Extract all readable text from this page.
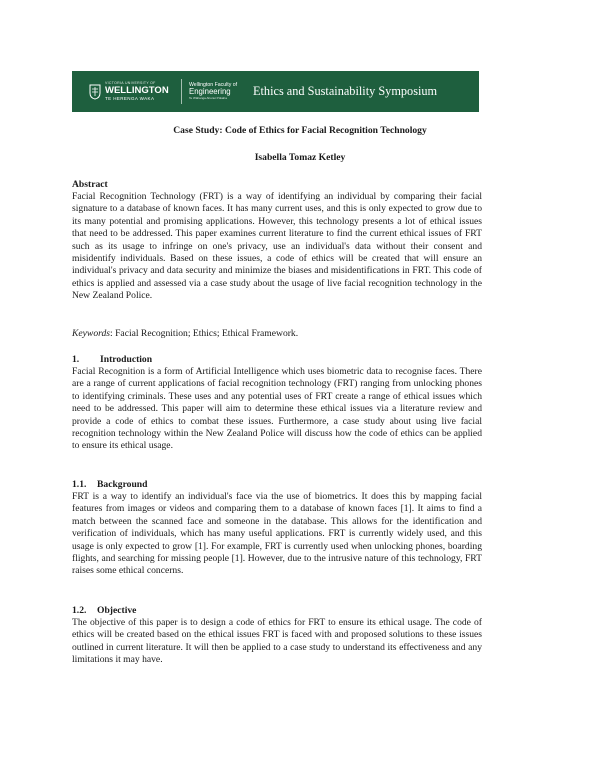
VICTORIA UNIVERSITY OF
WELLINGTON
TE HERENGA WAKA
Wellington Faculty of
Engineering
Te Wāhanga Ahunui Pūkaha	Ethics and Sustainability Symposium
Case Study: Code of Ethics for Facial Recognition Technology
Isabella Tomaz Ketley
Abstract
Facial Recognition Technology (FRT) is a way of identifying an individual by comparing their facial signature to a database of known faces. It has many current uses, and this is only expected to grow due to its many potential and promising applications. However, this technology presents a lot of ethical issues that need to be addressed. This paper examines current literature to find the current ethical issues of FRT such as its usage to infringe on one's privacy, use an individual's data without their consent and misidentify individuals. Based on these issues, a code of ethics will be created that will ensure an individual's privacy and data security and minimize the biases and misidentifications in FRT. This code of ethics is applied and assessed via a case study about the usage of live facial recognition technology in the New Zealand Police.
Keywords: Facial Recognition; Ethics; Ethical Framework.
1. Introduction
Facial Recognition is a form of Artificial Intelligence which uses biometric data to recognise faces. There are a range of current applications of facial recognition technology (FRT) ranging from unlocking phones to identifying criminals. These uses and any potential uses of FRT create a range of ethical issues which need to be addressed. This paper will aim to determine these ethical issues via a literature review and provide a code of ethics to combat these issues. Furthermore, a case study about using live facial recognition technology within the New Zealand Police will discuss how the code of ethics can be applied to ensure its ethical usage.
1.1. Background
FRT is a way to identify an individual's face via the use of biometrics. It does this by mapping facial features from images or videos and comparing them to a database of known faces [1]. It aims to find a match between the scanned face and someone in the database. This allows for the identification and verification of individuals, which has many useful applications. FRT is currently widely used, and this usage is only expected to grow [1]. For example, FRT is currently used when unlocking phones, boarding flights, and searching for missing people [1]. However, due to the intrusive nature of this technology, FRT raises some ethical concerns.
1.2. Objective
The objective of this paper is to design a code of ethics for FRT to ensure its ethical usage. The code of ethics will be created based on the ethical issues FRT is faced with and proposed solutions to these issues outlined in current literature. It will then be applied to a case study to understand its effectiveness and any limitations it may have.
